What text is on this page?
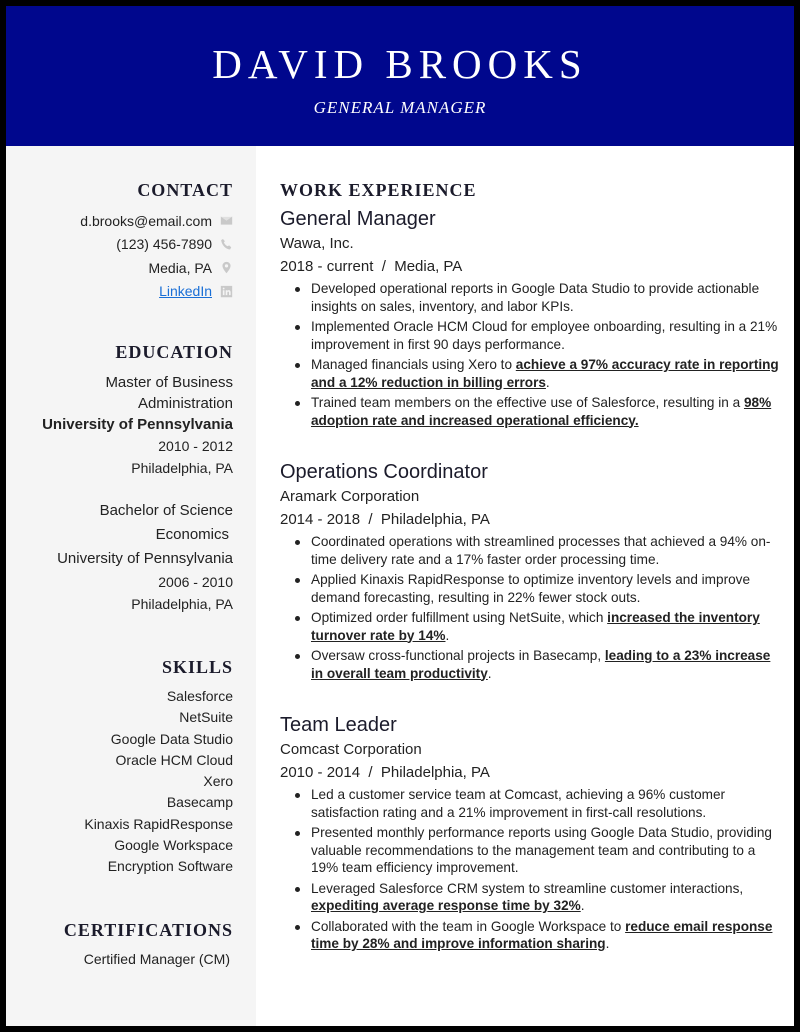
DAVID BROOKS
GENERAL MANAGER
CONTACT
d.brooks@email.com
(123) 456-7890
Media, PA
LinkedIn
EDUCATION
Master of Business
Administration
University of Pennsylvania
2010 - 2012
Philadelphia, PA
Bachelor of Science
Economics
University of Pennsylvania
2006 - 2010
Philadelphia, PA
SKILLS
Salesforce
NetSuite
Google Data Studio
Oracle HCM Cloud
Xero
Basecamp
Kinaxis RapidResponse
Google Workspace
Encryption Software
CERTIFICATIONS
Certified Manager (CM)
WORK EXPERIENCE
General Manager
Wawa, Inc.
2018 - current  /  Media, PA
Developed operational reports in Google Data Studio to provide actionable insights on sales, inventory, and labor KPIs.
Implemented Oracle HCM Cloud for employee onboarding, resulting in a 21% improvement in first 90 days performance.
Managed financials using Xero to achieve a 97% accuracy rate in reporting and a 12% reduction in billing errors.
Trained team members on the effective use of Salesforce, resulting in a 98% adoption rate and increased operational efficiency.
Operations Coordinator
Aramark Corporation
2014 - 2018  /  Philadelphia, PA
Coordinated operations with streamlined processes that achieved a 94% on-time delivery rate and a 17% faster order processing time.
Applied Kinaxis RapidResponse to optimize inventory levels and improve demand forecasting, resulting in 22% fewer stock outs.
Optimized order fulfillment using NetSuite, which increased the inventory turnover rate by 14%.
Oversaw cross-functional projects in Basecamp, leading to a 23% increase in overall team productivity.
Team Leader
Comcast Corporation
2010 - 2014  /  Philadelphia, PA
Led a customer service team at Comcast, achieving a 96% customer satisfaction rating and a 21% improvement in first-call resolutions.
Presented monthly performance reports using Google Data Studio, providing valuable recommendations to the management team and contributing to a 19% team efficiency improvement.
Leveraged Salesforce CRM system to streamline customer interactions, expediting average response time by 32%.
Collaborated with the team in Google Workspace to reduce email response time by 28% and improve information sharing.
